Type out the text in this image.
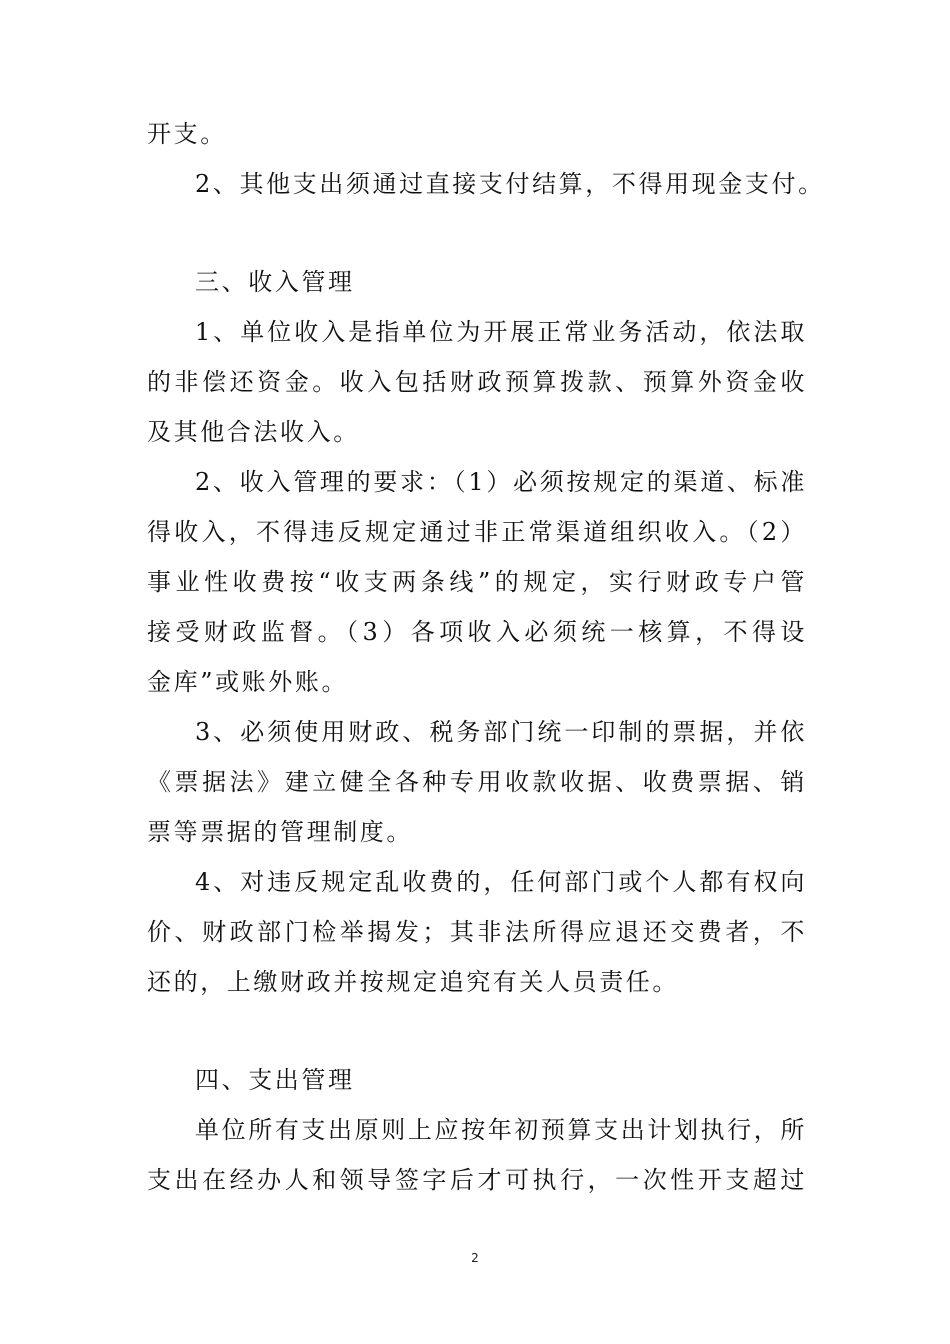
开支。
2、其他支出须通过直接支付结算，不得用现金支付。
三、收入管理
1、单位收入是指单位为开展正常业务活动，依法取
的非偿还资金。收入包括财政预算拨款、预算外资金收
及其他合法收入。
2、收入管理的要求：（1）必须按规定的渠道、标准
得收入，不得违反规定通过非正常渠道组织收入。（2）
事业性收费按“收支两条线”的规定，实行财政专户管
接受财政监督。（3）各项收入必须统一核算，不得设
金库”或账外账。
3、必须使用财政、税务部门统一印制的票据，并依
《票据法》建立健全各种专用收款收据、收费票据、销
票等票据的管理制度。
4、对违反规定乱收费的，任何部门或个人都有权向
价、财政部门检举揭发；其非法所得应退还交费者，不
还的，上缴财政并按规定追究有关人员责任。
四、支出管理
单位所有支出原则上应按年初预算支出计划执行，所
支出在经办人和领导签字后才可执行，一次性开支超过
2
